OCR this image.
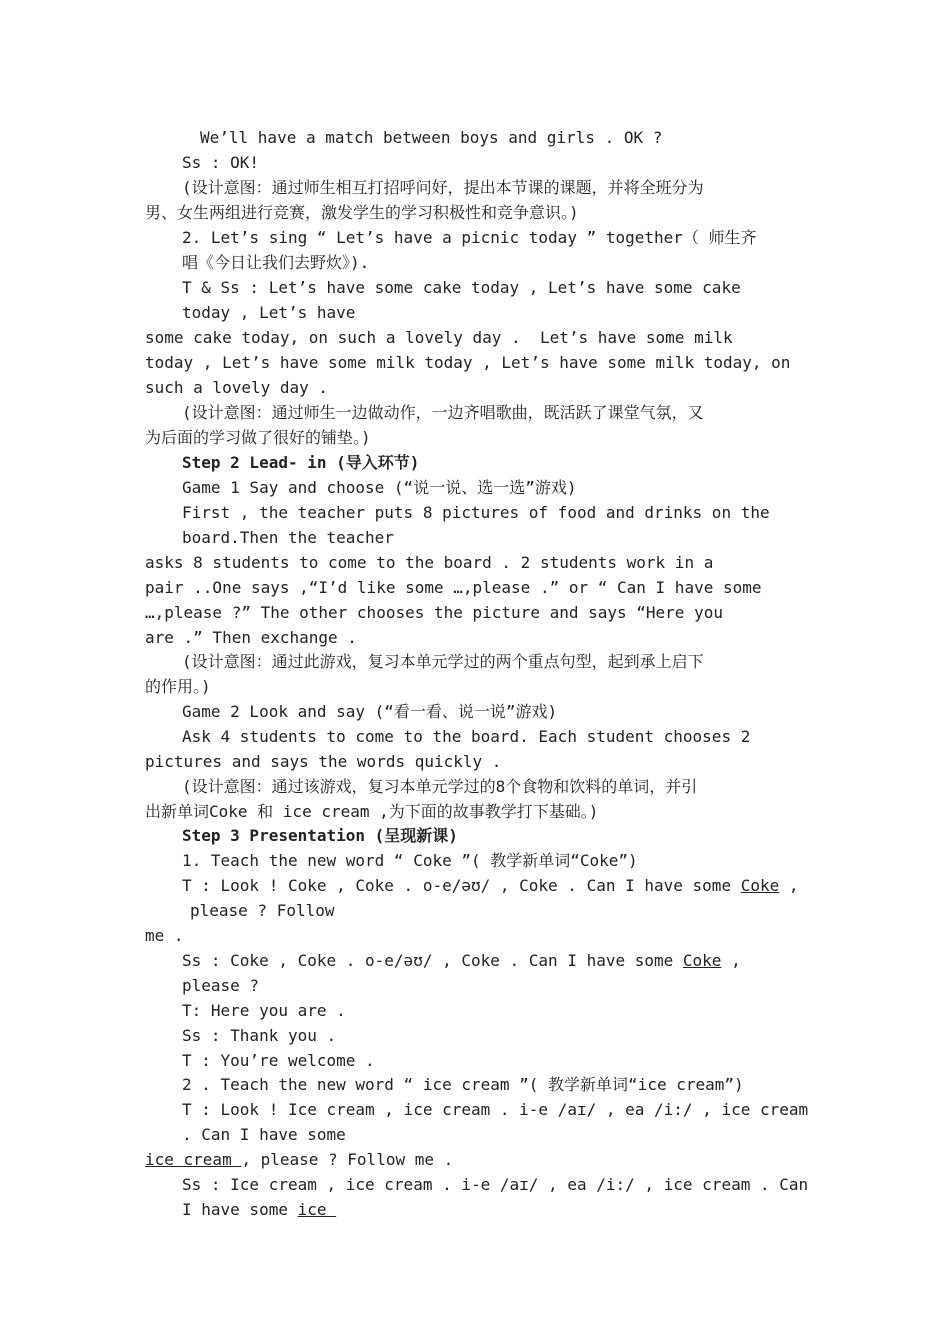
We’ll have a match between boys and girls . OK ?
Ss : OK!
(设计意图：通过师生相互打招呼问好，提出本节课的课题，并将全班分为
男、女生两组进行竞赛，激发学生的学习积极性和竞争意识。)
2. Let’s sing “ Let’s have a picnic today ” together（ 师生齐
唱《今日让我们去野炊》).
T & Ss : Let’s have some cake today , Let’s have some cake
today , Let’s have
some cake today, on such a lovely day .  Let’s have some milk
today , Let’s have some milk today , Let’s have some milk today, on
such a lovely day .
(设计意图：通过师生一边做动作，一边齐唱歌曲，既活跃了课堂气氛，又
为后面的学习做了很好的铺垫。)
Step 2 Lead- in (导入环节)
Game 1 Say and choose (“说一说、选一选”游戏)
First , the teacher puts 8 pictures of food and drinks on the
board.Then the teacher
asks 8 students to come to the board . 2 students work in a
pair ..One says ,“I’d like some …,please .” or “ Can I have some
…,please ?” The other chooses the picture and says “Here you
are .” Then exchange .
(设计意图：通过此游戏，复习本单元学过的两个重点句型，起到承上启下
的作用。)
Game 2 Look and say (“看一看、说一说”游戏)
Ask 4 students to come to the board. Each student chooses 2
pictures and says the words quickly .
(设计意图：通过该游戏，复习本单元学过的8个食物和饮料的单词，并引
出新单词Coke 和 ice cream ,为下面的故事教学打下基础。)
Step 3 Presentation (呈现新课)
1. Teach the new word “ Coke ”( 教学新单词“Coke”)
T : Look ! Coke , Coke . o-e/əʊ/ , Coke . Can I have some Coke ,
please ? Follow
me .
Ss : Coke , Coke . o-e/əʊ/ , Coke . Can I have some Coke ,
please ?
T: Here you are .
Ss : Thank you .
T : You’re welcome .
2 . Teach the new word “ ice cream ”( 教学新单词“ice cream”)
T : Look ! Ice cream , ice cream . i-e /aɪ/ , ea /i:/ , ice cream
. Can I have some
ice cream , please ? Follow me .
Ss : Ice cream , ice cream . i-e /aɪ/ , ea /i:/ , ice cream . Can
I have some ice
